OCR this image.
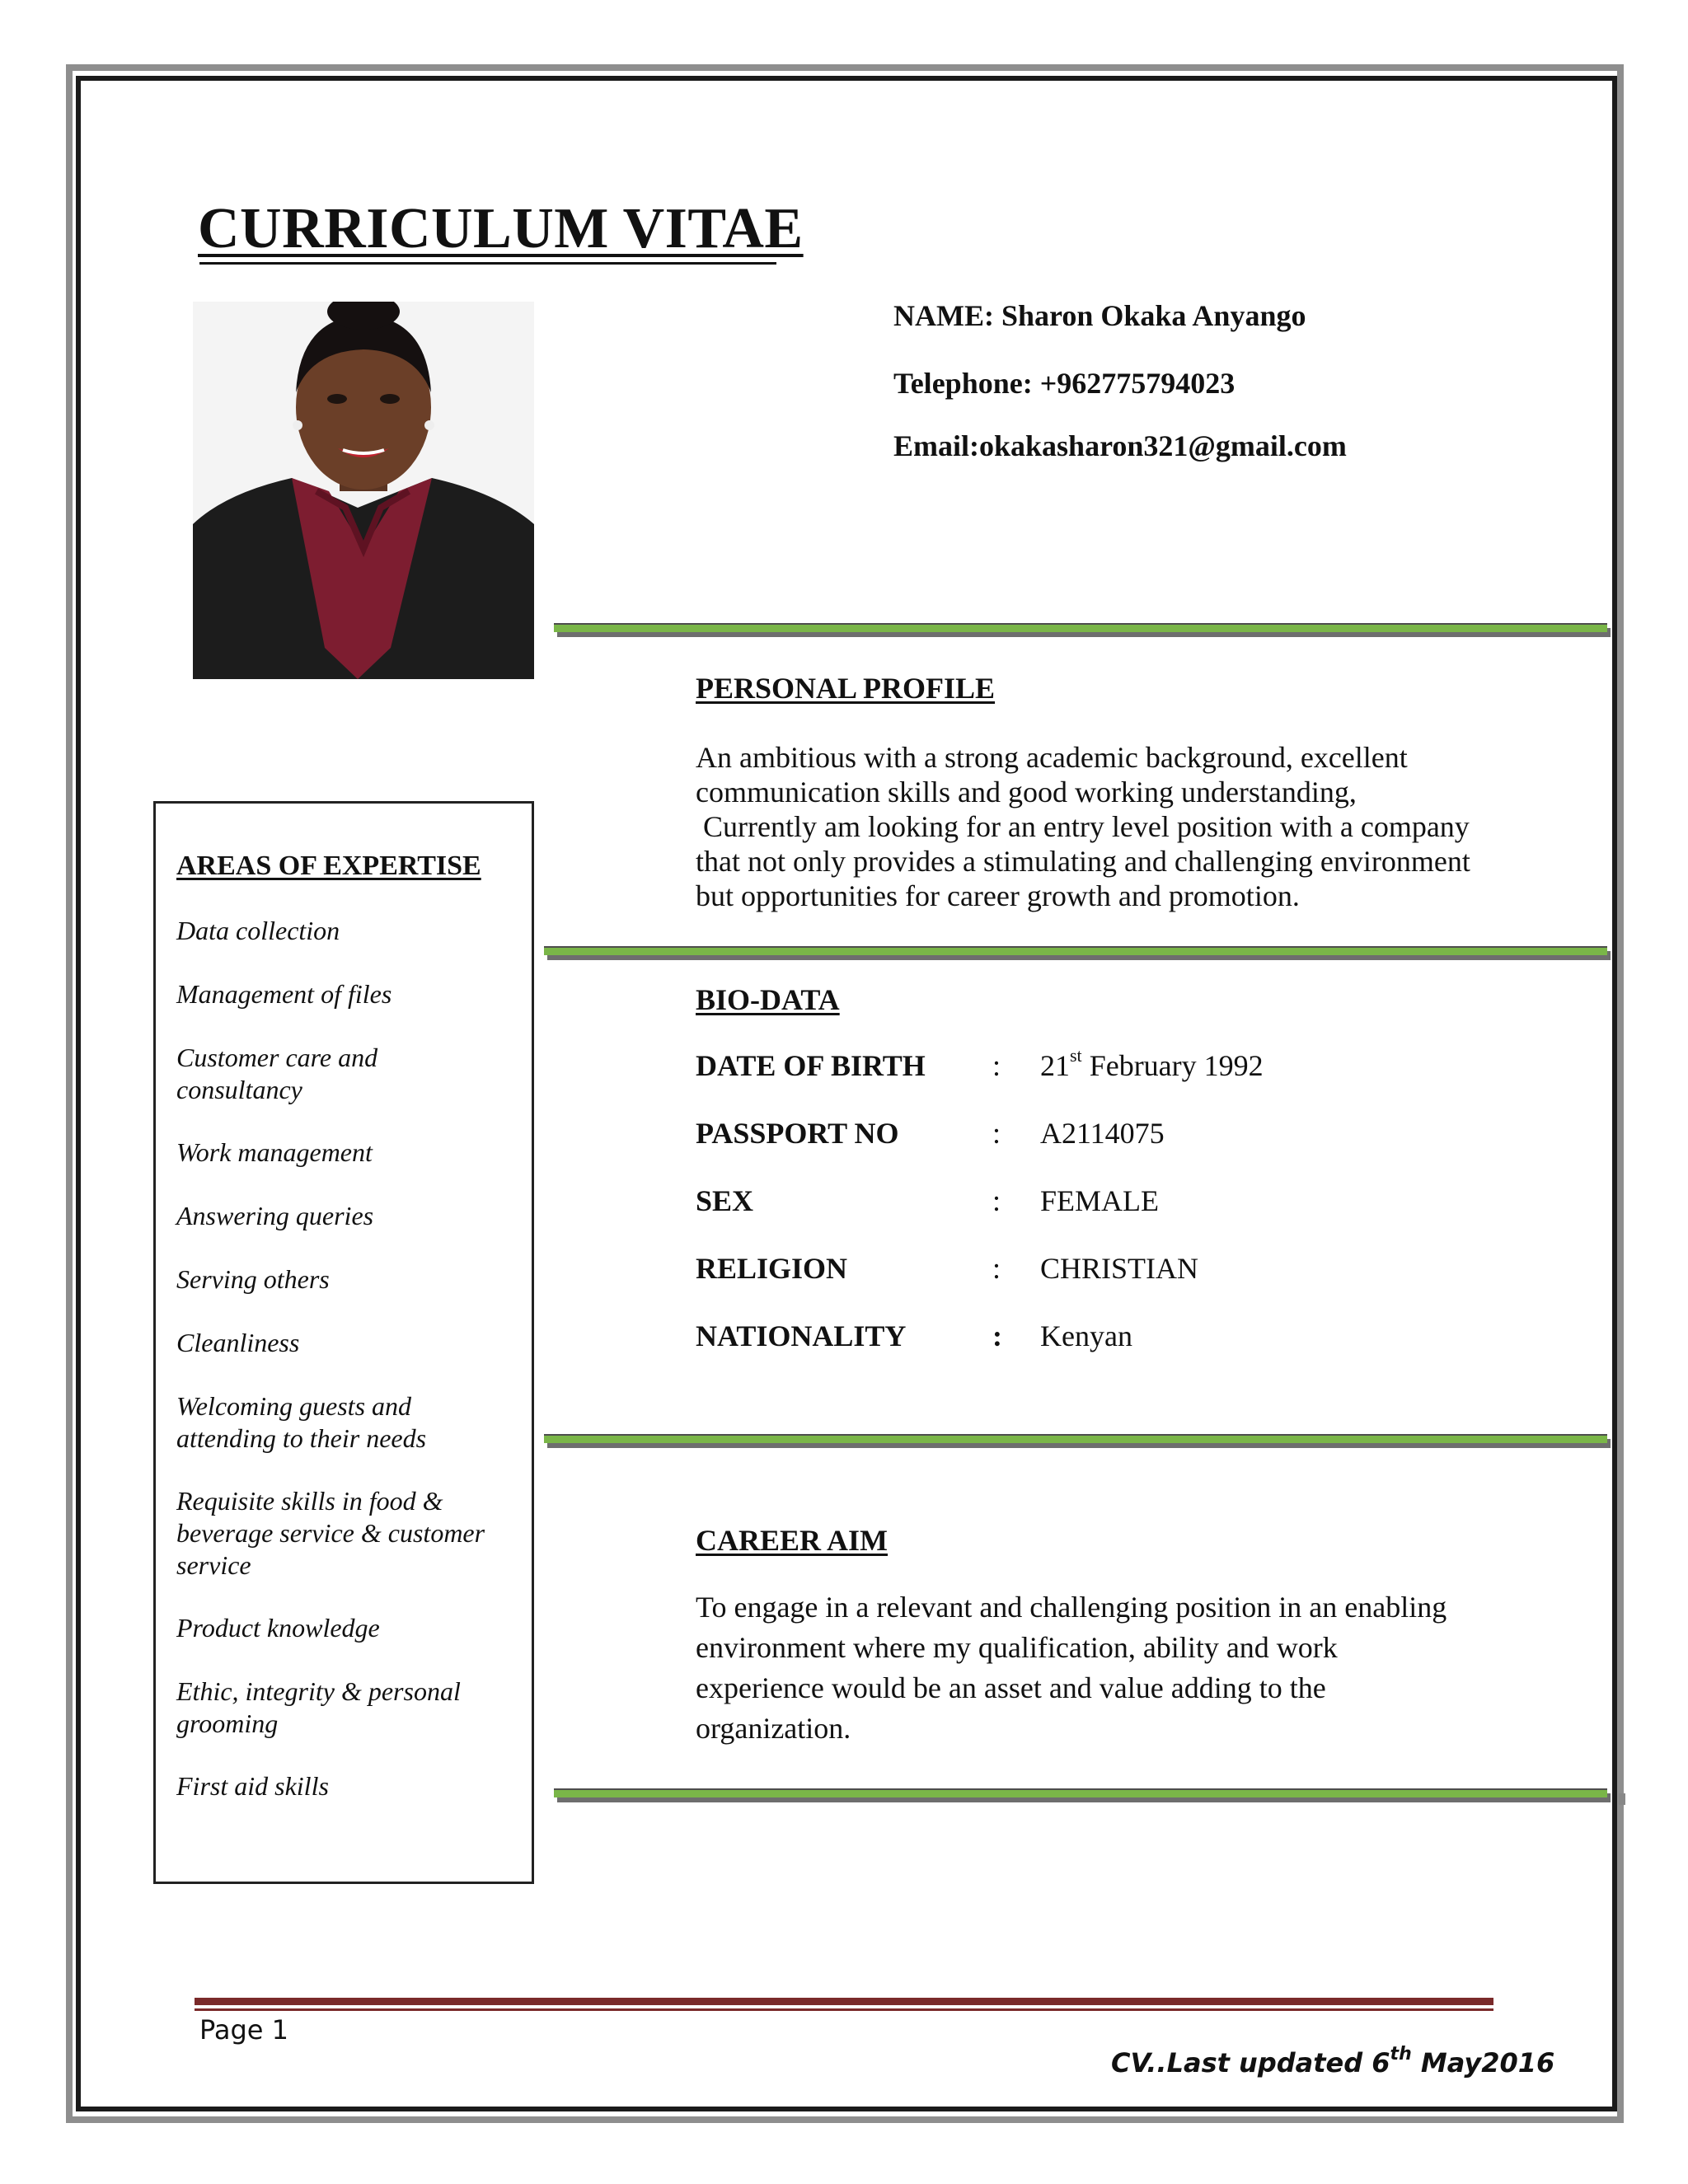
CURRICULUM VITAE
NAME: Sharon Okaka Anyango
Telephone: +962775794023
Email:okakasharon321@gmail.com
PERSONAL PROFILE
An ambitious with a strong academic background, excellent
communication skills and good working understanding,
Currently am looking for an entry level position with a company
that not only provides a stimulating and challenging environment
but opportunities for career growth and promotion.
BIO-DATA
DATE OF BIRTH : 21st February 1992
PASSPORT NO	: A2114075
SEX	: FEMALE
RELIGION	: CHRISTIAN
NATIONALITY	: Kenyan
CAREER AIM
To engage in a relevant and challenging position in an enabling
environment where my qualification, ability and work
experience would be an asset and value adding to the
organization.
AREAS OF EXPERTISE
Data collection
Management of files
Customer care and
consultancy
Work management
Answering queries
Serving others
Cleanliness
Welcoming guests and
attending to their needs
Requisite skills in food &
beverage service & customer
service
Product knowledge
Ethic, integrity & personal
grooming
First aid skills
Page 1
CV..Last updated 6th May2016
